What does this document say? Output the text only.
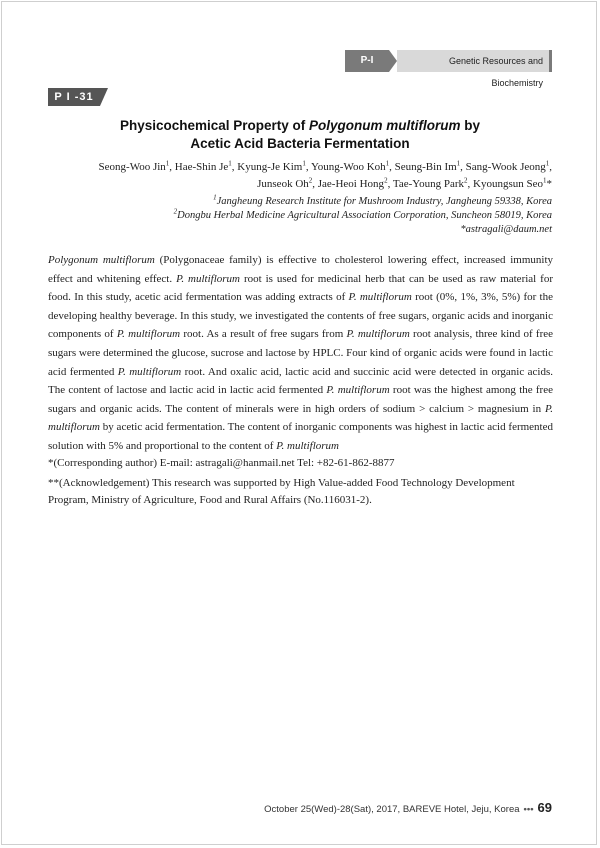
P-I	Genetic Resources and Biochemistry
P I -31
Physicochemical Property of Polygonum multiflorum by
Acetic Acid Bacteria Fermentation
Seong-Woo Jin$^1$, Hae-Shin Je$^1$, Kyung-Je Kim$^1$, Young-Woo Koh$^1$, Seung-Bin Im$^1$, Sang-Wook Jeong$^1$,
Junseok Oh$^2$, Jae-Heoi Hong$^2$, Tae-Young Park$^2$, Kyoungsun Seo$^1$*
$^1$Jangheung Research Institute for Mushroom Industry, Jangheung 59338, Korea
$^2$Dongbu Herbal Medicine Agricultural Association Corporation, Suncheon 58019, Korea
*astragali@daum.net
Polygonum multiflorum (Polygonaceae family) is effective to cholesterol lowering effect, increased immunity effect and whitening effect. P. multiflorum root is used for medicinal herb that can be used as raw material for food. In this study, acetic acid fermentation was adding extracts of P. multiflorum root (0%, 1%, 3%, 5%) for the developing healthy beverage. In this study, we investigated the contents of free sugars, organic acids and inorganic components of P. multiflorum root. As a result of free sugars from P. multiflorum root analysis, three kind of free sugars were determined the glucose, sucrose and lactose by HPLC. Four kind of organic acids were found in lactic acid fermented P. multiflorum root. And oxalic acid, lactic acid and succinic acid were detected in organic acids. The content of lactose and lactic acid in lactic acid fermented P. multiflorum root was the highest among the free sugars and organic acids. The content of minerals were in high orders of sodium > calcium > magnesium in P. multiflorum by acetic acid fermentation. The content of inorganic components was highest in lactic acid fermented solution with 5% and proportional to the content of P. multiflorum
*(Corresponding author) E-mail: astragali@hanmail.net Tel: +82-61-862-8877
**(Acknowledgement) This research was supported by High Value-added Food Technology Development
Program, Ministry of Agriculture, Food and Rural Affairs (No.116031-2).
October 25(Wed)-28(Sat), 2017, BAREVE Hotel, Jeju, Korea ••• 69
